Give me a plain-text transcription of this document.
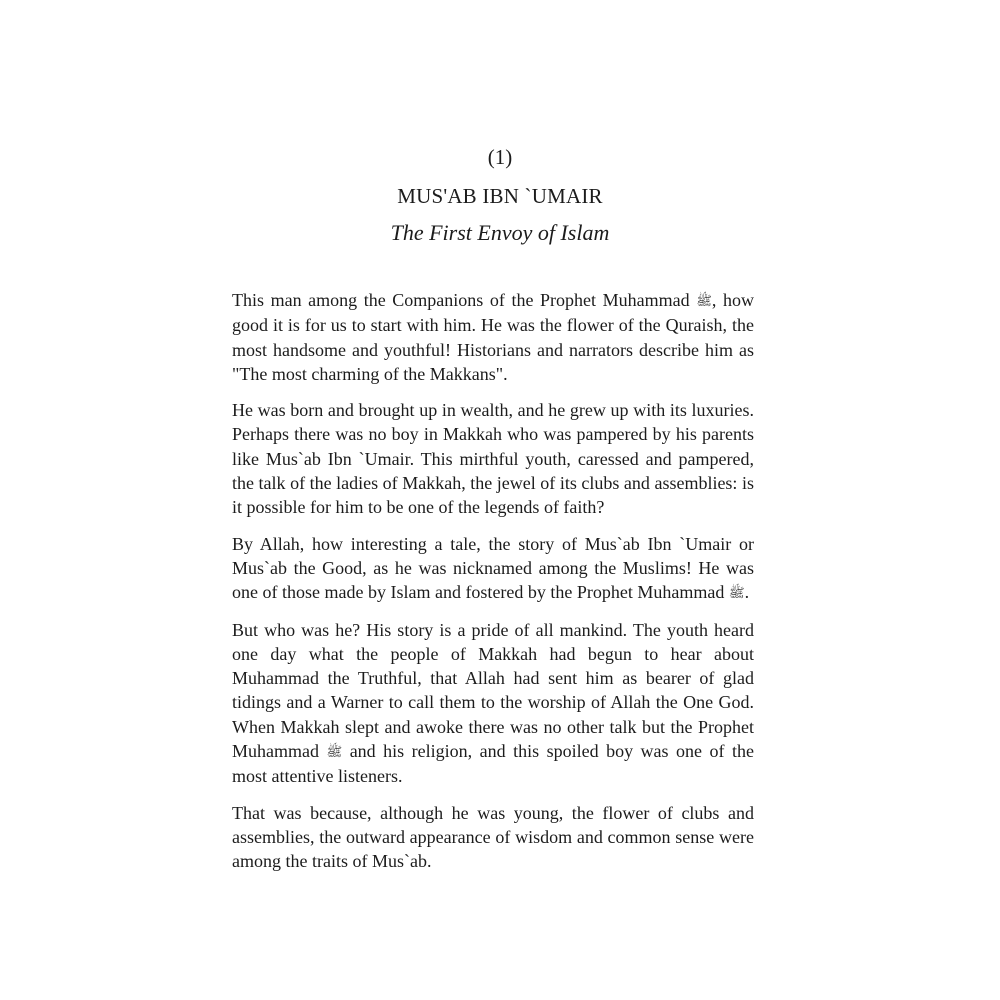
(1)
MUS'AB IBN `UMAIR
The First Envoy of Islam

This man among the Companions of the Prophet Muhammad ﷺ, how good it is for us to start with him. He was the flower of the Quraish, the most handsome and youthful! Historians and narrators describe him as "The most charming of the Makkans".

He was born and brought up in wealth, and he grew up with its luxuries. Perhaps there was no boy in Makkah who was pampered by his parents like Mus`ab Ibn `Umair. This mirthful youth, caressed and pampered, the talk of the ladies of Makkah, the jewel of its clubs and assemblies: is it possible for him to be one of the legends of faith?

By Allah, how interesting a tale, the story of Mus`ab Ibn `Umair or Mus`ab the Good, as he was nicknamed among the Muslims! He was one of those made by Islam and fostered by the Prophet Muhammad ﷺ.

But who was he? His story is a pride of all mankind. The youth heard one day what the people of Makkah had begun to hear about Muhammad the Truthful, that Allah had sent him as bearer of glad tidings and a Warner to call them to the worship of Allah the One God. When Makkah slept and awoke there was no other talk but the Prophet Muhammad ﷺ and his religion, and this spoiled boy was one of the most attentive listeners.

That was because, although he was young, the flower of clubs and assemblies, the outward appearance of wisdom and common sense were among the traits of Mus`ab.
